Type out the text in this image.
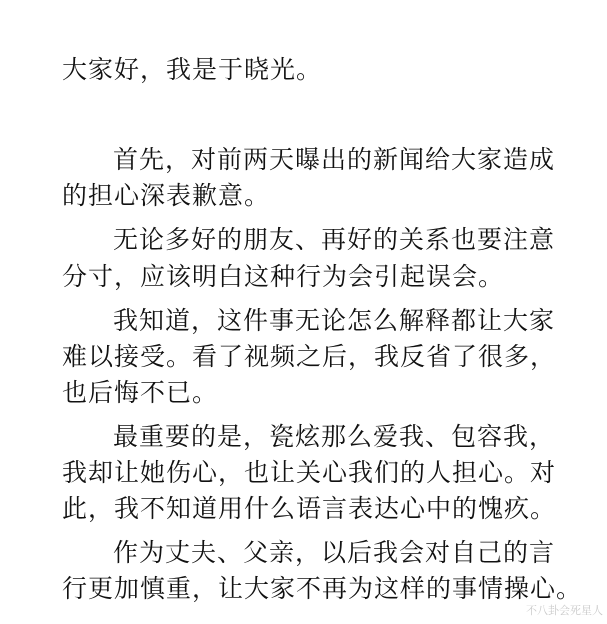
大家好，我是于晓光。
首先，对前两天曝出的新闻给大家造成
的担心深表歉意。
无论多好的朋友、再好的关系也要注意
分寸，应该明白这种行为会引起误会。
我知道，这件事无论怎么解释都让大家
难以接受。看了视频之后，我反省了很多，
也后悔不已。
最重要的是，瓷炫那么爱我、包容我，
我却让她伤心，也让关心我们的人担心。对
此，我不知道用什么语言表达心中的愧疚。
作为丈夫、父亲，以后我会对自己的言
行更加慎重，让大家不再为这样的事情操心。
不八卦会死星人
